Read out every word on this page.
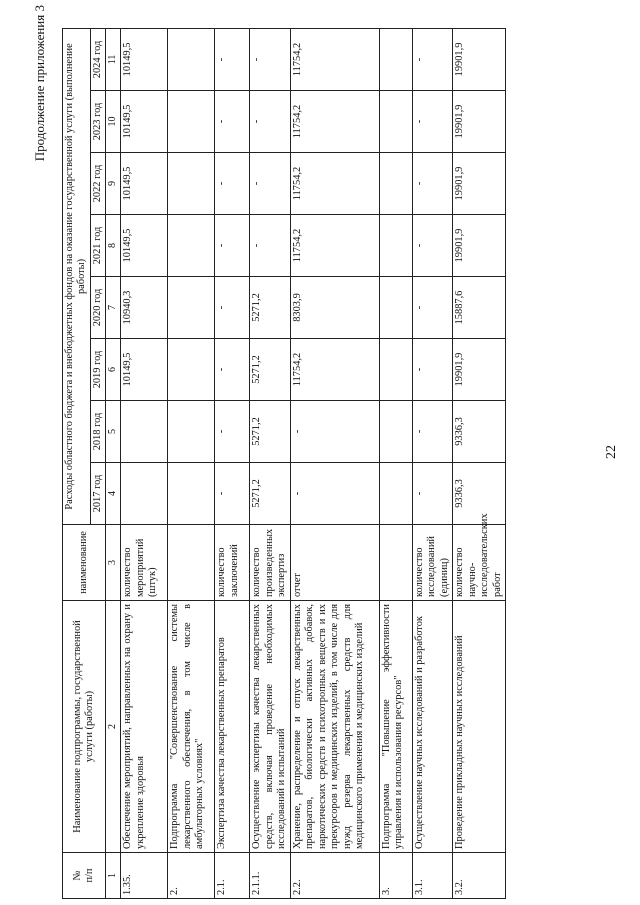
22
Продолжение приложения 3
№
п/п	Наименование подпрограммы, государственной услуги (работы)	наименование	Расходы областного бюджета и внебюджетных фондов на оказание государственной услуги (выполнение работы)							
			2017 год	2018 год	2019 год	2020 год	2021 год	2022 год	2023 год	2024 год
1	2	3	4	5	6	7	8	9	10	11
1.35.	Обеспечение мероприятий, направленных на охрану и укрепление здоровья	количество мероприятий (штук)			10149,5	10940,3	10149,5	10149,5	10149,5	10149,5
2.	Подпрограмма "Совершенствование системы лекарственного обеспечения, в том числе в амбулаторных условиях"									
2.1.	Экспертиза качества лекарственных препаратов	количество заключений	-	-	-	-	-	-	-	-
2.1.1.	Осуществление экспертизы качества лекарственных средств, включая проведение необходимых исследований и испытаний	количество произведенных экспертиз	5271,2	5271,2	5271,2	5271,2	-	-	-	-
2.2.	Хранение, распределение и отпуск лекарственных препаратов, биологически активных добавок, наркотических средств и психотропных веществ и их прекурсоров и медицинских изделий, в том числе для нужд резерва лекарственных средств для медицинского применения и медицинских изделий	отчет	-	-	11754,2	8303,9	11754,2	11754,2	11754,2	11754,2
3.	Подпрограмма "Повышение эффективности управления и использования ресурсов"									
3.1.	Осуществление научных исследований и разработок	количество исследований (единиц)	-	-	-	-	-	-	-	-
3.2.	Проведение прикладных научных исследований	количество научно-исследовательских работ	9336,3	9336,3	19901,9	15887,6	19901,9	19901,9	19901,9	19901,9
